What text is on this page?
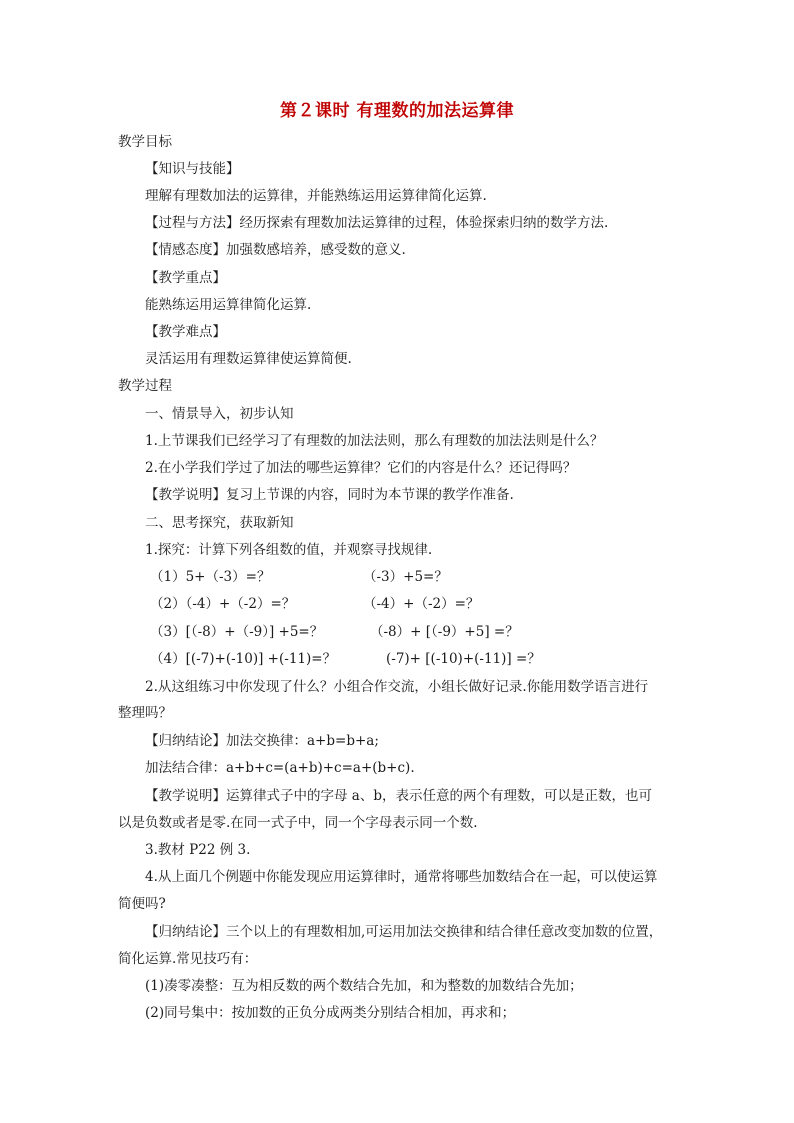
第２课时 有理数的加法运算律
教学目标
【知识与技能】
理解有理数加法的运算律，并能熟练运用运算律简化运算.
【过程与方法】经历探索有理数加法运算律的过程，体验探索归纳的数学方法.
【情感态度】加强数感培养，感受数的意义.
【教学重点】
能熟练运用运算律简化运算.
【教学难点】
灵活运用有理数运算律使运算简便.
教学过程
一、情景导入，初步认知
1.上节课我们已经学习了有理数的加法法则，那么有理数的加法法则是什么？
2.在小学我们学过了加法的哪些运算律？它们的内容是什么？还记得吗？
【教学说明】复习上节课的内容，同时为本节课的教学作准备.
二、思考探究，获取新知
1.探究：计算下列各组数的值，并观察寻找规律.
（1）5+（-3）=？	（-3）+5=？
（2）（-4）+（-2）=？	（-4）+（-2）=？
（3）[（-8）+（-9）] +5=？	（-8）+ [（-9）+5] =？
（4）[(-7)+(-10)] +(-11)=？	(-7)+ [(-10)+(-11)] =？
2.从这组练习中你发现了什么？小组合作交流，小组长做好记录.你能用数学语言进行
整理吗？
【归纳结论】加法交换律：a+b=b+a;
加法结合律：a+b+c=(a+b)+c=a+(b+c).
【教学说明】运算律式子中的字母 a、b，表示任意的两个有理数，可以是正数，也可
以是负数或者是零.在同一式子中，同一个字母表示同一个数.
3.教材 P22 例 3.
4.从上面几个例题中你能发现应用运算律时，通常将哪些加数结合在一起，可以使运算
简便吗?
【归纳结论】三个以上的有理数相加,可运用加法交换律和结合律任意改变加数的位置，
简化运算.常见技巧有：
(1)凑零凑整：互为相反数的两个数结合先加，和为整数的加数结合先加；
(2)同号集中：按加数的正负分成两类分别结合相加，再求和；
